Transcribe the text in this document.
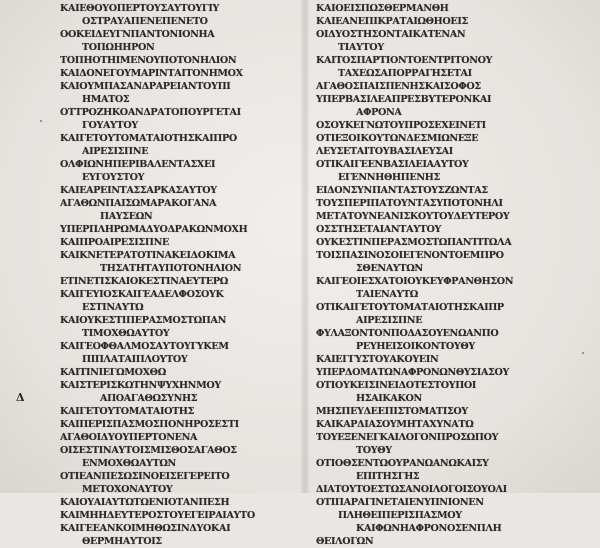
ΚΑΙΕΘΟΥΟΠΕΡΤΟΥΣΑΥΤΟΥΓΙΥ
ΟΣΤΡΑΥΑΠΕΝΕΠΕΝΕΤΟ
ΟΟΚΕΙΔΕΥΓΝΠΑΝΤΟΝΙΟΝΗΑ
ΤΟΠΩΗΗΡΟΝ
ΤΟΠΗΟΤΗΙΜΕΝΟΥΠΟΤΟΝΗΛΙΟΝ
ΚΑΙΔΟΝΕΓΟΥΜΑΡΙΝΤΑΙΤΟΝΗΜΟΧ
ΚΑΙΟΥΜΠΑΣΑΝΔΡΑΡΕΙΑΝΤΟΥΠΙ
ΗΜΑΤΟΣ
ΟΤΤΡΟΖΗΚΟΑΝΔΡΑΤΟΠΟΥΡΓΕΤΑΙ
ΓΟΥΑΥΤΟΥ
ΚΑΙΓΕΤΟΥΤΟΜΑΤΑΙΟΤΗΣΚΑΙΠΡΟ
ΑΙΡΕΣΙΣΠΝΕ
ΟΛΦΙΩΝΗΠΕΡΙΒΑΛΕΝΤΑΣΧΕΙ
ΕΥΓΟΥΣΤΟΥ
ΚΑΙΕΑΡΕΙΝΤΑΣΣΑΡΚΑΣΑΥΤΟΥ
ΑΓΑΘΩΝΠΑΙΣΩΜΑΡΑΚΟΓΑΝΑ
ΠΑΥΣΕΩΝ
ΥΠΕΡΠΛΗΡΩΜΑΔΥΟΔΡΑΚΩΝΜΟΧΗ
ΚΑΙΠΡΟΑΙΡΕΣΙΣΠΝΕ
ΚΑΙΚΝΕΤΕΡΑΤΟΤΙΝΑΚΕΙΔΟΚΙΜΑ
ΤΗΣΑΤΗΤΑΥΠΟΤΟΝΗΛΙΟΝ
ΕΤΙΝΕΤΙΣΚΑΙΟΚΕΣΤΙΝΑΕΥΤΕΡΩ
ΚΑΙΓΕΥΙΟΣΚΑΙΓΕΑΔΕΛΦΟΣΟΥΚ
ΕΣΤΙΝΑΥΤΩ
ΚΑΙΟΥΚΕΣΤΙΠΕΡΑΣΜΟΣΤΩΠΑΝ
ΤΙΜΟΧΘΩΑΥΤΟΥ
ΚΑΙΓΕΟΦΘΑΛΜΟΣΑΥΤΟΥΓΥΚΕΜ
ΠΙΠΛΑΤΑΙΠΛΟΥΤΟΥ
ΚΑΙΤΙΝΙΕΓΩΜΟΧΘΩ
ΚΑΙΣΤΕΡΙΣΚΩΤΗΝΨΥΧΗΝΜΟΥ
ΑΠΟΑΓΑΘΩΣΥΝΗΣ
ΚΑΙΓΕΤΟΥΤΟΜΑΤΑΙΟΤΗΣ
ΚΑΙΠΕΡΙΣΠΑΣΜΟΣΠΟΝΗΡΟΣΕΣΤΙ
ΑΓΑΘΟΙΔΥΟΥΠΕΡΤΟΝΕΝΑ
ΟΙΣΕΣΤΙΝΑΥΤΟΙΣΜΙΣΘΟΣΑΓΑΘΟΣ
ΕΝΜΟΧΘΩΑΥΤΩΝ
ΟΤΙΕΑΝΠΕΣΩΣΙΝΟΕΙΣΕΓΕΡΕΙΤΟ
ΜΕΤΟΧΟΝΑΥΤΟΥ
ΚΑΙΟΥΑΙΑΥΤΩΤΩΕΝΙΟΤΑΝΠΕΣΗ
ΚΑΙΜΗΗΔΕΥΤΕΡΟΣΤΟΥΕΓΕΙΡΑΙΑΥΤΟ
ΚΑΙΓΕΕΑΝΚΟΙΜΗΘΩΣΙΝΔΥΟΚΑΙ
ΘΕΡΜΗΑΥΤΟΙΣ
ΚΑΙΟΕΙΣΠΩΣΘΕΡΜΑΝΘΗ
ΚΑΙΕΑΝΕΠΙΚΡΑΤΑΙΩΘΗΟΕΙΣ
ΟΙΔΥΟΣΤΗΣΟΝΤΑΙΚΑΤΕΝΑΝ
ΤΙΑΥΤΟΥ
ΚΑΙΤΟΣΠΑΡΤΙΟΝΤΟΕΝΤΡΙΤΟΝΟΥ
ΤΑΧΕΩΣΑΠΟΡΡΑΓΗΣΕΤΑΙ
ΑΓΑΘΟΣΠΑΙΣΠΕΝΗΣΚΑΙΣΟΦΟΣ
ΥΠΕΡΒΑΣΙΛΕΑΠΡΕΣΒΥΤΕΡΟΝΚΑΙ
ΑΦΡΟΝΑ
ΟΣΟΥΚΕΓΝΩΤΟΥΠΡΟΣΕΧΕΙΝΕΤΙ
ΟΤΙΕΞΟΙΚΟΥΤΩΝΔΕΣΜΙΩΝΕΞΕ
ΛΕΥΣΕΤΑΙΤΟΥΒΑΣΙΛΕΥΣΑΙ
ΟΤΙΚΑΙΓΕΕΝΒΑΣΙΛΕΙΑΑΥΤΟΥ
ΕΓΕΝΝΗΘΗΠΕΝΗΣ
ΕΙΔΟΝΣΥΝΠΑΝΤΑΣΤΟΥΣΖΩΝΤΑΣ
ΤΟΥΣΠΕΡΙΠΑΤΟΥΝΤΑΣΥΠΟΤΟΝΗΛΙ
ΜΕΤΑΤΟΥΝΕΑΝΙΣΚΟΥΤΟΥΔΕΥΤΕΡΟΥ
ΟΣΣΤΗΣΕΤΑΙΑΝΤΑΥΤΟΥ
ΟΥΚΕΣΤΙΝΠΕΡΑΣΜΟΣΤΩΠΑΝΤΙΤΩΛΑ
ΤΟΙΣΠΑΣΙΝΟΣΟΙΕΓΕΝΟΝΤΟΕΜΠΡΟ
ΣΘΕΝΑΥΤΩΝ
ΚΑΙΓΕΟΙΕΣΧΑΤΟΙΟΥΚΕΥΦΡΑΝΘΗΣΟΝ
ΤΑΙΕΝΑΥΤΩ
ΟΤΙΚΑΙΓΕΤΟΥΤΟΜΑΤΑΙΟΤΗΣΚΑΙΠΡ
ΑΙΡΕΣΙΣΠΝΕ
ΦΥΛΑΞΟΝΤΟΝΠΟΔΑΣΟΥΕΝΩΑΝΠΟ
ΡΕΥΗΕΙΣΟΙΚΟΝΤΟΥΘΥ
ΚΑΙΕΓΓΥΣΤΟΥΑΚΟΥΕΙΝ
ΥΠΕΡΔΟΜΑΤΩΝΑΦΡΟΝΩΝΘΥΣΙΑΣΟΥ
ΟΤΙΟΥΚΕΙΣΙΝΕΙΔΟΤΕΣΤΟΥΠΟΙ
ΗΣΑΙΚΑΚΟΝ
ΜΗΣΠΕΥΔΕΕΠΙΣΤΟΜΑΤΙΣΟΥ
ΚΑΙΚΑΡΔΙΑΣΟΥΜΗΤΑΧΥΝΑΤΩ
ΤΟΥΕΞΕΝΕΓΚΑΙΛΟΓΟΝΠΡΟΣΩΠΟΥ
ΤΟΥΘΥ
ΟΤΙΟΘΣΕΝΤΩΟΥΡΑΝΩΑΝΩΚΑΙΣΥ
ΕΠΙΤΗΣΓΗΣ
ΔΙΑΤΟΥΤΟΕΣΤΩΣΑΝΟΙΛΟΓΟΙΣΟΥΟΛΙ
ΟΤΙΠΑΡΑΓΙΝΕΤΑΙΕΝΥΠΝΙΟΝΕΝ
ΠΛΗΘΕΙΠΕΡΙΣΠΑΣΜΟΥ
ΚΑΙΦΩΝΗΑΦΡΟΝΟΣΕΝΠΛΗ
ΘΕΙΛΟΓΩΝ
Δ
